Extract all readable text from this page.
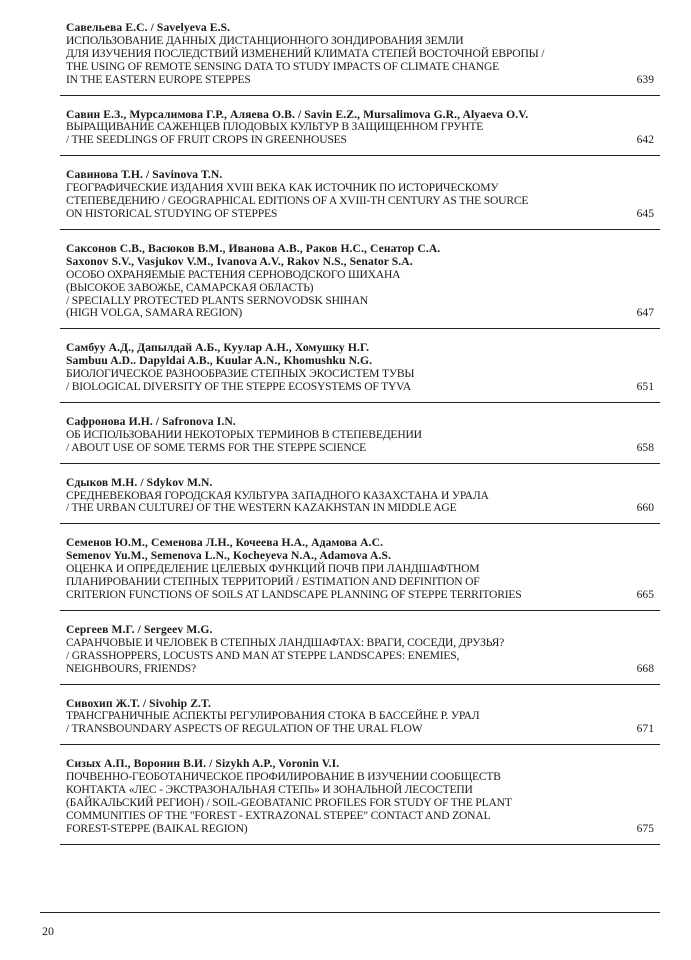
Савельева Е.С. / Savelyeva E.S.
ИСПОЛЬЗОВАНИЕ ДАННЫХ ДИСТАНЦИОННОГО ЗОНДИРОВАНИЯ ЗЕМЛИ
ДЛЯ ИЗУЧЕНИЯ ПОСЛЕДСТВИЙ ИЗМЕНЕНИЙ КЛИМАТА СТЕПЕЙ ВОСТОЧНОЙ ЕВРОПЫ /
THE USING OF REMOTE SENSING DATA TO STUDY IMPACTS OF CLIMATE CHANGE
IN THE EASTERN EUROPE STEPPES	639
Савин Е.З., Мурсалимова Г.Р., Аляева О.В. / Savin E.Z., Mursalimova G.R., Alyaeva O.V.
ВЫРАЩИВАНИЕ САЖЕНЦЕВ ПЛОДОВЫХ КУЛЬТУР В ЗАЩИЩЕННОМ ГРУНТЕ
/ THE SEEDLINGS OF FRUIT CROPS IN GREENHOUSES	642
Савинова Т.Н. / Savinova T.N.
ГЕОГРАФИЧЕСКИЕ ИЗДАНИЯ XVIII ВЕКА КАК ИСТОЧНИК ПО ИСТОРИЧЕСКОМУ
СТЕПЕВЕДЕНИЮ / GEOGRAPHICAL EDITIONS OF A XVIII-TH CENTURY AS THE SOURCE
ON HISTORICAL STUDYING OF STEPPES	645
Саксонов С.В., Васюков В.М., Иванова А.В., Раков Н.С., Сенатор С.А.
Saxonov S.V., Vasjukov V.M., Ivanova A.V., Rakov N.S., Senator S.A.
ОСОБО ОХРАНЯЕМЫЕ РАСТЕНИЯ СЕРНОВОДСКОГО ШИХАНА
(ВЫСОКОЕ ЗАВОЖЬЕ, САМАРСКАЯ ОБЛАСТЬ)
/ SPECIALLY PROTECTED PLANTS SERNOVODSK SHIHAN
(HIGH VOLGA, SAMARA REGION)	647
Самбуу А.Д., Дапылдай А.Б., Куулар А.Н., Хомушку Н.Г.
Sambuu A.D.. Dapyldai A.B., Kuular A.N., Khomushku N.G.
БИОЛОГИЧЕСКОЕ РАЗНООБРАЗИЕ СТЕПНЫХ ЭКОСИСТЕМ ТУВЫ
/ BIOLOGICAL DIVERSITY OF THE STEPPE ECOSYSTEMS OF TYVA	651
Сафронова И.Н. / Safronova I.N.
ОБ ИСПОЛЬЗОВАНИИ НЕКОТОРЫХ ТЕРМИНОВ В СТЕПЕВЕДЕНИИ
/ ABOUT USE OF SOME TERMS FOR THE STEPPE SCIENCE	658
Сдыков М.Н. / Sdykov M.N.
СРЕДНЕВЕКОВАЯ ГОРОДСКАЯ КУЛЬТУРА ЗАПАДНОГО КАЗАХСТАНА И УРАЛА
/ THE URBAN CULTUREJ OF THE WESTERN KAZAKHSTAN IN MIDDLE AGE	660
Семенов Ю.М., Семенова Л.Н., Кочеева Н.А., Адамова А.С.
Semenov Yu.M., Semenova L.N., Kocheyeva N.A., Adamova A.S.
ОЦЕНКА И ОПРЕДЕЛЕНИЕ ЦЕЛЕВЫХ ФУНКЦИЙ ПОЧВ ПРИ ЛАНДШАФТНОМ
ПЛАНИРОВАНИИ СТЕПНЫХ ТЕРРИТОРИЙ / ESTIMATION AND DEFINITION OF
CRITERION FUNCTIONS OF SOILS AT LANDSCAPE PLANNING OF STEPPE TERRITORIES	665
Сергеев М.Г. / Sergeev M.G.
САРАНЧОВЫЕ И ЧЕЛОВЕК В СТЕПНЫХ ЛАНДШАФТАХ: ВРАГИ, СОСЕДИ, ДРУЗЬЯ?
/ GRASSHOPPERS, LOCUSTS AND MAN AT STEPPE LANDSCAPES: ENEMIES,
NEIGHBOURS, FRIENDS?	668
Сивохип Ж.Т. / Sivohip Z.T.
ТРАНСГРАНИЧНЫЕ АСПЕКТЫ РЕГУЛИРОВАНИЯ СТОКА В БАССЕЙНЕ Р. УРАЛ
/ TRANSBOUNDARY ASPECTS OF REGULATION OF THE URAL FLOW	671
Сизых А.П., Воронин В.И. / Sizykh A.P., Voronin V.I.
ПОЧВЕННО-ГЕОБОТАНИЧЕСКОЕ ПРОФИЛИРОВАНИЕ В ИЗУЧЕНИИ СООБЩЕСТВ
КОНТАКТА «ЛЕС - ЭКСТРАЗОНАЛЬНАЯ СТЕПЬ» И ЗОНАЛЬНОЙ ЛЕСОСТЕПИ
(БАЙКАЛЬСКИЙ РЕГИОН) / SOIL-GEOBATANIC PROFILES FOR STUDY OF THE PLANT
COMMUNITIES OF THE "FOREST - EXTRAZONAL STEPEE" CONTACT AND ZONAL
FOREST-STEPPE (BAIKAL REGION)	675
20
